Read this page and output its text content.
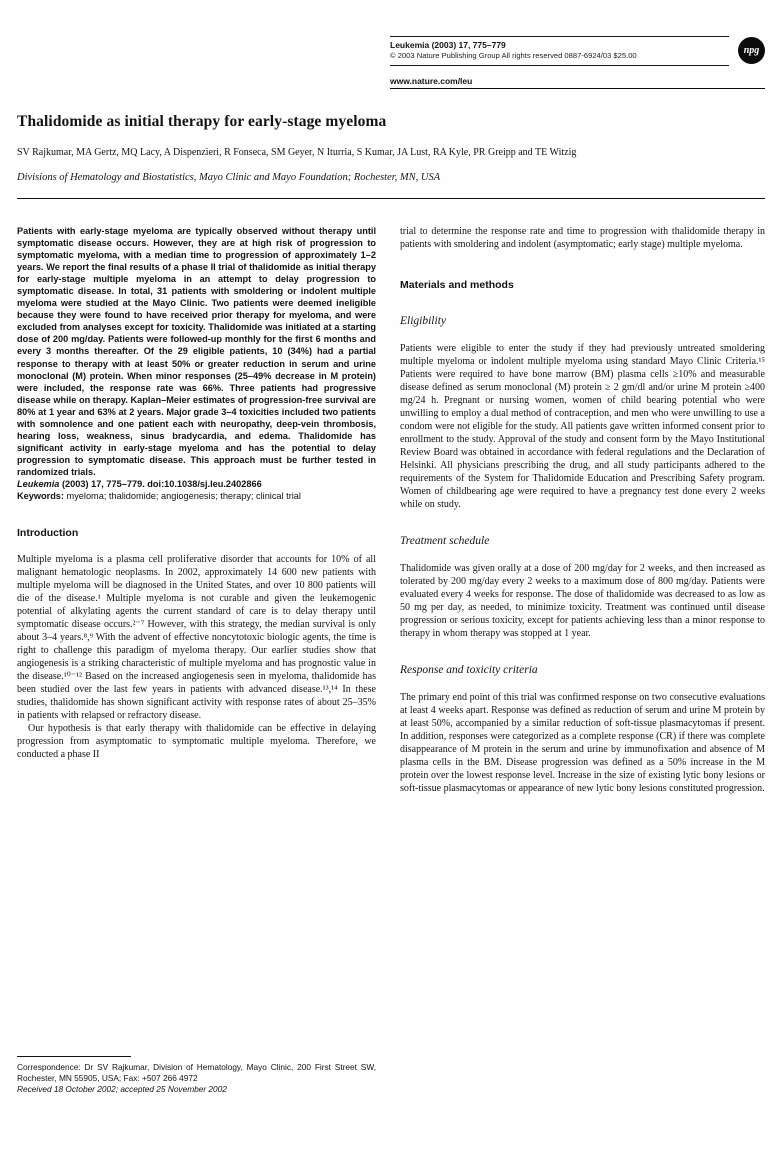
Leukemia (2003) 17, 775–779
© 2003 Nature Publishing Group All rights reserved 0887-6924/03 $25.00	npg
www.nature.com/leu
Thalidomide as initial therapy for early-stage myeloma
SV Rajkumar, MA Gertz, MQ Lacy, A Dispenzieri, R Fonseca, SM Geyer, N Iturria, S Kumar, JA Lust, RA Kyle, PR Greipp and TE Witzig
Divisions of Hematology and Biostatistics, Mayo Clinic and Mayo Foundation; Rochester, MN, USA

Patients with early-stage myeloma are typically observed without therapy until symptomatic disease occurs. However, they are at high risk of progression to symptomatic myeloma, with a median time to progression of approximately 1–2 years. We report the final results of a phase II trial of thalidomide as initial therapy for early-stage multiple myeloma in an attempt to delay progression to symptomatic disease. In total, 31 patients with smoldering or indolent multiple myeloma were studied at the Mayo Clinic. Two patients were deemed ineligible because they were found to have received prior therapy for myeloma, and were excluded from analyses except for toxicity. Thalidomide was initiated at a starting dose of 200 mg/day. Patients were followed-up monthly for the first 6 months and every 3 months thereafter. Of the 29 eligible patients, 10 (34%) had a partial response to therapy with at least 50% or greater reduction in serum and urine monoclonal (M) protein. When minor responses (25–49% decrease in M protein) were included, the response rate was 66%. Three patients had progressive disease while on therapy. Kaplan–Meier estimates of progression-free survival are 80% at 1 year and 63% at 2 years. Major grade 3–4 toxicities included two patients with somnolence and one patient each with neuropathy, deep-vein thrombosis, hearing loss, weakness, sinus bradycardia, and edema. Thalidomide has significant activity in early-stage myeloma and has the potential to delay progression to symptomatic disease. This approach must be further tested in randomized trials.

Leukemia (2003) 17, 775–779. doi:10.1038/sj.leu.2402866

Keywords: myeloma; thalidomide; angiogenesis; therapy; clinical trial

Introduction

Multiple myeloma is a plasma cell proliferative disorder that accounts for 10% of all malignant hematologic neoplasms. In 2002, approximately 14 600 new patients with multiple myeloma will be diagnosed in the United States, and over 10 800 patients will die of the disease.¹ Multiple myeloma is not curable and given the leukemogenic potential of alkylating agents the current standard of care is to delay therapy until symptomatic disease occurs.²⁻⁷ However, with this strategy, the median survival is only about 3–4 years.⁸,⁹ With the advent of effective noncytotoxic biologic agents, the time is right to challenge this paradigm of myeloma therapy. Our earlier studies show that angiogenesis is a striking characteristic of multiple myeloma and has prognostic value in the disease.¹⁰⁻¹² Based on the increased angiogenesis seen in myeloma, thalidomide has been studied over the last few years in patients with advanced disease.¹³,¹⁴ In these studies, thalidomide has shown significant activity with response rates of about 25–35% in patients with relapsed or refractory disease.

Our hypothesis is that early therapy with thalidomide can be effective in delaying progression from asymptomatic to symptomatic multiple myeloma. Therefore, we conducted a phase II

Correspondence: Dr SV Rajkumar, Division of Hematology, Mayo Clinic, 200 First Street SW, Rochester, MN 55905, USA; Fax: +507 266 4972

Received 18 October 2002; accepted 25 November 2002

trial to determine the response rate and time to progression with thalidomide therapy in patients with smoldering and indolent (asymptomatic; early stage) multiple myeloma.

Materials and methods
Eligibility

Patients were eligible to enter the study if they had previously untreated smoldering multiple myeloma or indolent multiple myeloma using standard Mayo Clinic Criteria.¹⁵ Patients were required to have bone marrow (BM) plasma cells ≥10% and measurable disease defined as serum monoclonal (M) protein ≥ 2 gm/dl and/or urine M protein ≥400 mg/24 h. Pregnant or nursing women, women of child bearing potential who were unwilling to employ a dual method of contraception, and men who were unwilling to use a condom were not eligible for the study. All patients gave written informed consent prior to enrollment to the study. Approval of the study and consent form by the Mayo Institutional Review Board was obtained in accordance with federal regulations and the Declaration of Helsinki. All physicians prescribing the drug, and all study participants adhered to the requirements of the System for Thalidomide Education and Prescribing Safety program. Women of childbearing age were required to have a pregnancy test done every 2 weeks while on study.

Treatment schedule

Thalidomide was given orally at a dose of 200 mg/day for 2 weeks, and then increased as tolerated by 200 mg/day every 2 weeks to a maximum dose of 800 mg/day. Patients were evaluated every 4 weeks for response. The dose of thalidomide was decreased to as low as 50 mg per day, as needed, to minimize toxicity. Treatment was continued until disease progression or serious toxicity, except for patients achieving less than a minor response to therapy in whom therapy was stopped at 1 year.

Response and toxicity criteria

The primary end point of this trial was confirmed response on two consecutive evaluations at least 4 weeks apart. Response was defined as reduction of serum and urine M protein by at least 50%, accompanied by a similar reduction of soft-tissue plasmacytomas if present. In addition, responses were categorized as a complete response (CR) if there was complete disappearance of M protein in the serum and urine by immunofixation and absence of M plasma cells in the BM. Disease progression was defined as a 50% increase in the M protein over the lowest response level. Increase in the size of existing lytic bony lesions or soft-tissue plasmacytomas or appearance of new lytic bony lesions constituted progression.
